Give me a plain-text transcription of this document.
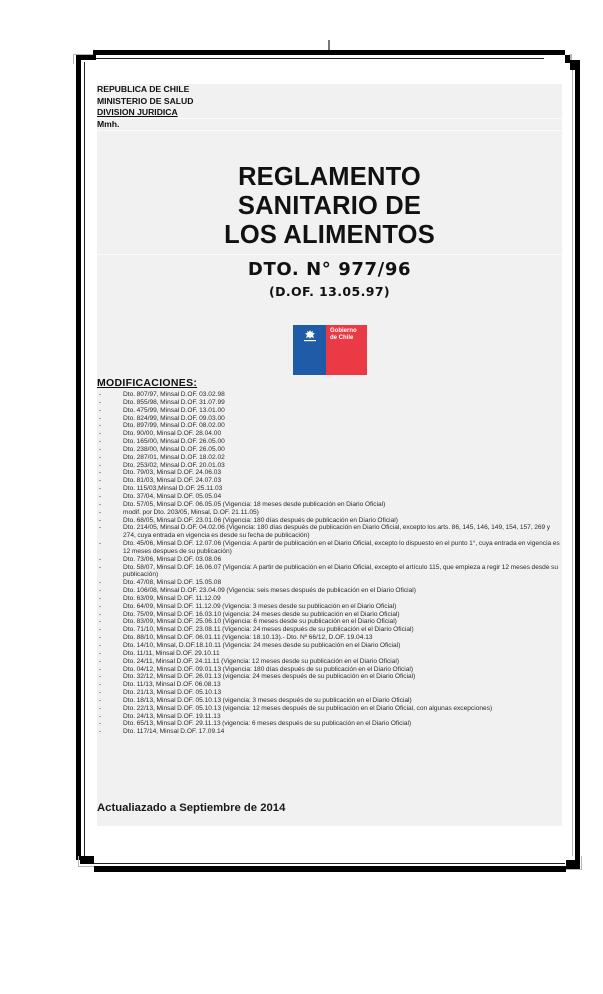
REPUBLICA DE CHILE
MINISTERIO DE SALUD
DIVISION JURIDICA
Mmh.
REGLAMENTO
SANITARIO DE
LOS ALIMENTOS
DTO. N° 977/96
(D.OF. 13.05.97)
Gobierno
de Chile
MODIFICACIONES:
- Dto. 807/97, Minsal D.OF. 03.02.98
- Dto. 855/98, Minsal D.OF. 31.07.99
- Dto. 475/99, Minsal D.OF. 13.01.00
- Dto. 824/99, Minsal D.OF. 09.03.00
- Dto. 897/99, Minsal D.OF. 08.02.00
- Dto. 90/00, Minsal D.OF. 28.04.00
- Dto. 165/00, Minsal D.OF. 26.05.00
- Dto. 238/00, Minsal D.OF. 26.05.00
- Dto. 287/01, Minsal D.OF. 18.02.02
- Dto. 253/02, Minsal D.OF. 20.01.03
- Dto. 79/03, Minsal D.OF. 24.06.03
- Dto. 81/03, Minsal D.OF. 24.07.03
- Dto. 115/03,Minsal D.OF. 25.11.03
- Dto. 37/04, Minsal D.OF. 05.05.04
- Dto. 57/05, Minsal D.OF. 06.05.05 (Vigencia: 18 meses desde publicación en Diario Oficial)
- modif. por Dto. 203/05, Minsal, D.OF. 21.11.05)
- Dto. 68/05, Minsal D.OF. 23.01.06 (Vigencia: 180 días después de publicación en Diario Oficial)
- Dto. 214/05, Minsal D.OF. 04.02.06 (Vigencia: 180 días después de publicación en Diario Oficial, excepto los arts. 86, 145, 146, 149, 154, 157, 269 y 274, cuya entrada en vigencia es desde su fecha de publicación)
- Dto. 45/06, Minsal D.OF. 12.07.06 (Vigencia: A partir de publicación en el Diario Oficial, excepto lo dispuesto en el punto 1°, cuya entrada en vigencia es 12 meses despues de su publicación)
- Dto. 73/06, Minsal D.OF. 03.08.06
- Dto. 58/07, Minsal D.OF. 16.06.07 (Vigencia: A partir de publicación en el Diario Oficial, excepto el artículo 115, que empieza a regir 12 meses desde su publicación)
- Dto. 47/08, Minsal D.OF. 15.05.08
- Dto. 106/08, Minsal D.OF. 23.04.09 (Vigencia: seis meses después de publicación en el Diario Oficial)
- Dto. 63/09, Minsal D.OF. 11.12.09
- Dto. 64/09, Minsal D.OF. 11.12.09 (Vigencia: 3 meses desde su publicación en el Diario Oficial)
- Dto. 75/09, Minsal D.OF. 16.03.10 (vigencia: 24 meses desde su publicación en el Diario Oficial)
- Dto. 83/09, Minsal D.OF. 25.06.10 (Vigencia: 6 meses desde su publicación en el Diario Oficial)
- Dto. 71/10, Minsal D.OF. 23.08.11 (Vigencia: 24 meses después de su publicación el el Diario Oficial)
- Dto. 88/10, Minsal D.OF. 06.01.11 (Vigencia: 18.10.13).- Dto. Nº 66/12, D.OF. 19.04.13
- Dto. 14/10, Minsal, D.OF.18.10.11 (Vigencia: 24 meses desde su publicación en el Diario Oficial)
- Dto. 11/11, Minsal D.OF. 29.10.11
- Dto. 24/11, Minsal D.OF. 24.11.11 (Vigencia: 12 meses desde su publicación en el Diario Oficial)
- Dto. 04/12, Minsal D.OF. 09.01.13 (Vigencia: 180 días después de su publicación en el Diario Oficial)
- Dto. 32/12, Minsal D.OF. 26.01.13 (vigencia: 24 meses después de su publicación en el Diario Oficial)
- Dto. 11/13, Minsal D.OF. 06.08.13
- Dto. 21/13, Minsal D.OF. 05.10.13
- Dto. 18/13, Minsal D.OF. 05.10.13 (vigencia: 3 meses después de su publicación en el Diario Oficial)
- Dto. 22/13, Minsal D.OF. 05.10.13 (vigencia: 12 meses después de su publicación en el Diario Oficial, con algunas excepciones)
- Dto. 24/13, Minsal D.OF. 19.11.13
- Dto. 65/13, Minsal D.OF. 29.11.13 (vigencia: 6 meses después de su publicación en el Diario Oficial)
- Dto. 117/14, Minsal D.OF. 17.09.14
Actualiazado a Septiembre de 2014
